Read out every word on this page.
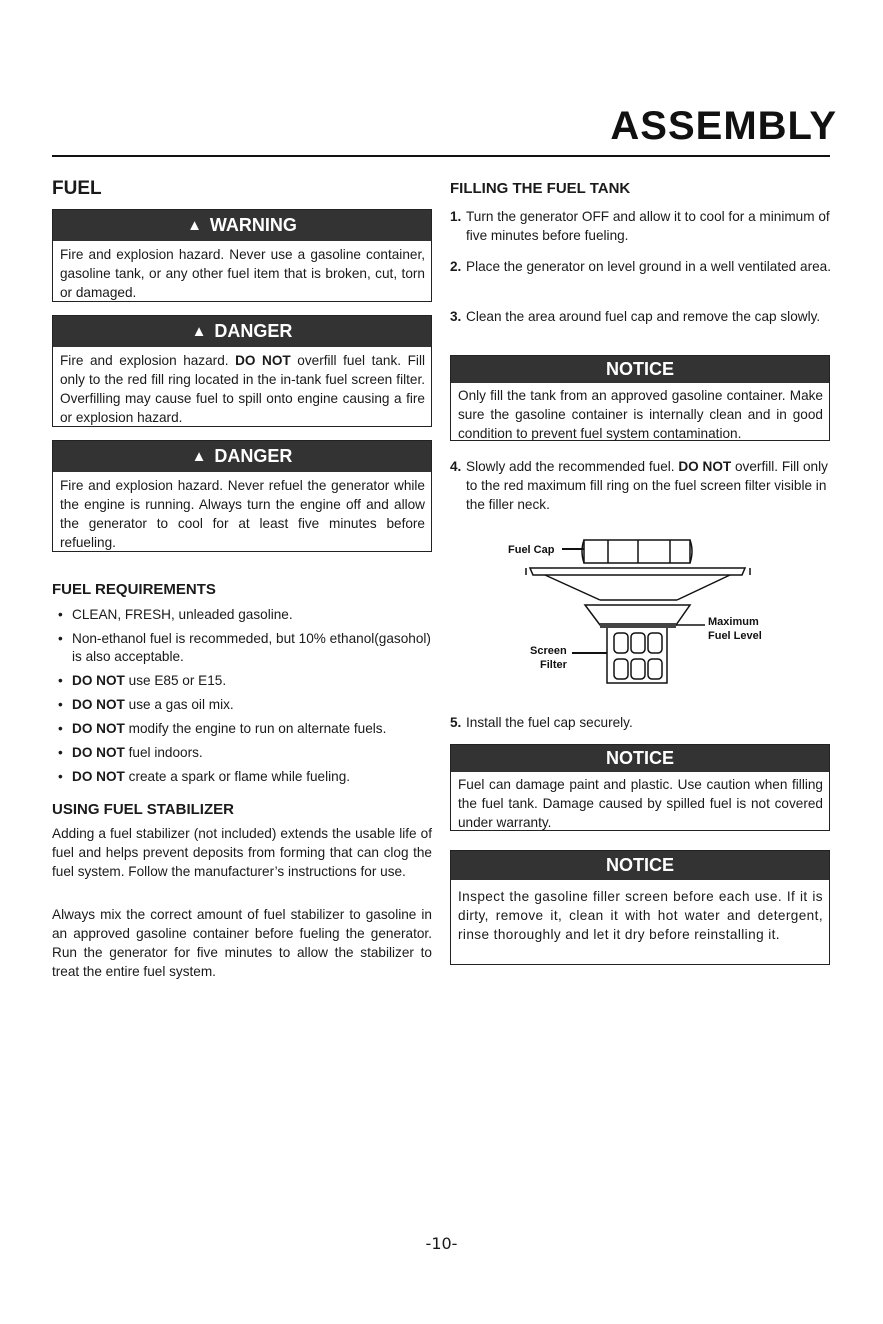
ASSEMBLY
FUEL
▲ WARNING
Fire and explosion hazard. Never use a gasoline container, gasoline tank, or any other fuel item that is broken, cut, torn or damaged.
▲ DANGER
Fire and explosion hazard. DO NOT overfill fuel tank. Fill only to the red fill ring located in the in-tank fuel screen filter. Overfilling may cause fuel to spill onto engine causing a fire or explosion hazard.
▲ DANGER
Fire and explosion hazard. Never refuel the generator while the engine is running. Always turn the engine off and allow the generator to cool for at least five minutes before refueling.
FUEL REQUIREMENTS
• CLEAN, FRESH, unleaded gasoline.
• Non-ethanol fuel is recommeded, but 10% ethanol(gasohol) is also acceptable.
• DO NOT use E85 or E15.
• DO NOT use a gas oil mix.
• DO NOT modify the engine to run on alternate fuels.
• DO NOT fuel indoors.
• DO NOT create a spark or flame while fueling.
USING FUEL STABILIZER

Adding a fuel stabilizer (not included) extends the usable life of fuel and helps prevent deposits from forming that can clog the fuel system. Follow the manufacturer’s instructions for use.

Always mix the correct amount of fuel stabilizer to gasoline in an approved gasoline container before fueling the generator. Run the generator for five minutes to allow the stabilizer to treat the entire fuel system.

FILLING THE FUEL TANK
1. Turn the generator OFF and allow it to cool for a minimum of five minutes before fueling.
2. Place the generator on level ground in a well ventilated area.
3. Clean the area around fuel cap and remove the cap slowly.
NOTICE
Only fill the tank from an approved gasoline container. Make sure the gasoline container is internally clean and in good condition to prevent fuel system contamination.
4. Slowly add the recommended fuel. DO NOT overfill. Fill only to the red maximum fill ring on the fuel screen filter visible in the filler neck.
Fuel Cap
Maximum
Fuel Level
Screen
Filter
5. Install the fuel cap securely.
NOTICE
Fuel can damage paint and plastic. Use caution when filling the fuel tank. Damage caused by spilled fuel is not covered under warranty.
NOTICE
Inspect the gasoline filler screen before each use. If it is dirty, remove it, clean it with hot water and detergent, rinse thoroughly and let it dry before reinstalling it.
-10-
